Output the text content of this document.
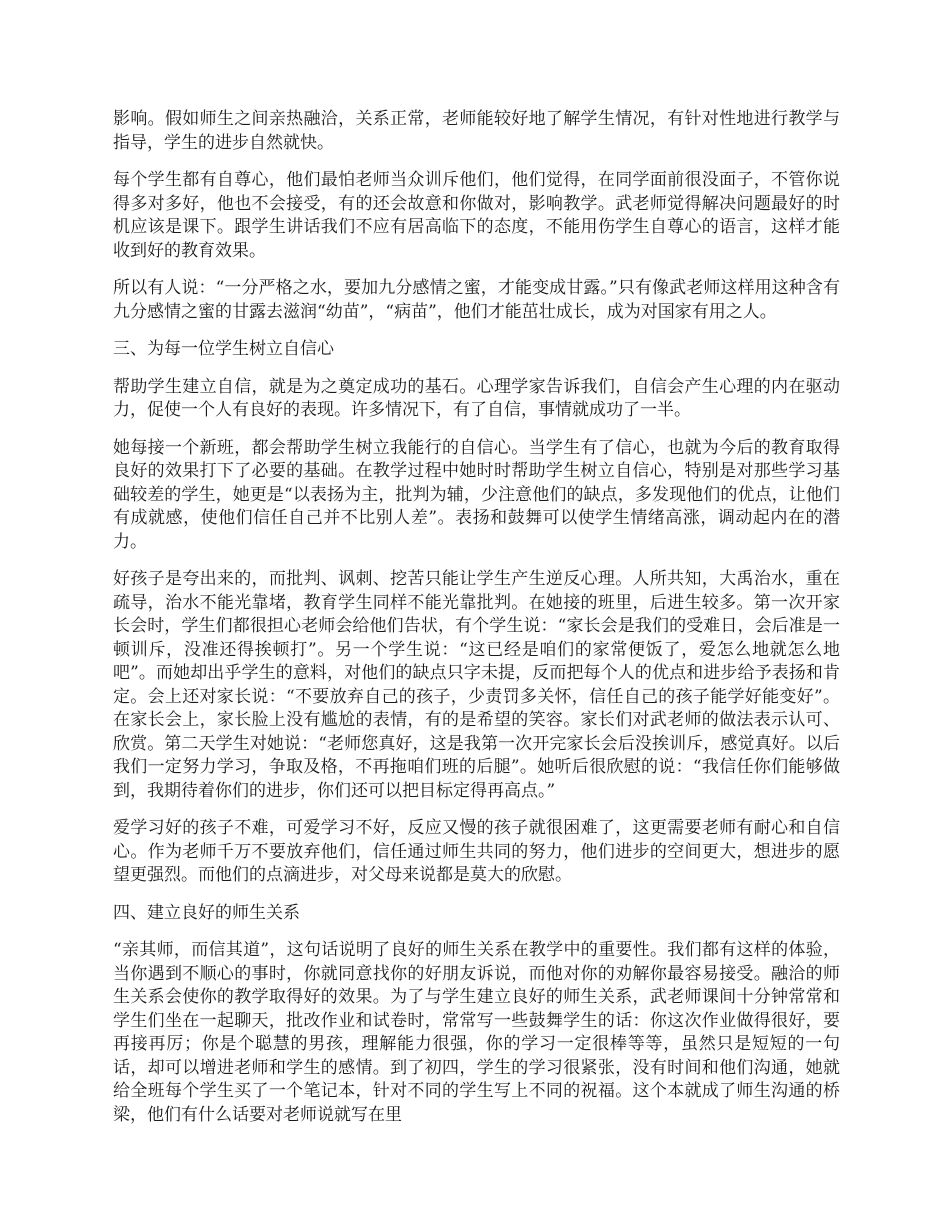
影响。假如师生之间亲热融洽，关系正常，老师能较好地了解学生情况，有针对性地进行教学与指导，学生的进步自然就快。

每个学生都有自尊心，他们最怕老师当众训斥他们，他们觉得，在同学面前很没面子，不管你说得多对多好，他也不会接受，有的还会故意和你做对，影响教学。武老师觉得解决问题最好的时机应该是课下。跟学生讲话我们不应有居高临下的态度，不能用伤学生自尊心的语言，这样才能收到好的教育效果。

所以有人说：“一分严格之水，要加九分感情之蜜，才能变成甘露。”只有像武老师这样用这种含有九分感情之蜜的甘露去滋润“幼苗”，“病苗”，他们才能茁壮成长，成为对国家有用之人。

三、为每一位学生树立自信心

帮助学生建立自信，就是为之奠定成功的基石。心理学家告诉我们，自信会产生心理的内在驱动力，促使一个人有良好的表现。许多情况下，有了自信，事情就成功了一半。

她每接一个新班，都会帮助学生树立我能行的自信心。当学生有了信心，也就为今后的教育取得良好的效果打下了必要的基础。在教学过程中她时时帮助学生树立自信心，特别是对那些学习基础较差的学生，她更是“以表扬为主，批判为辅，少注意他们的缺点，多发现他们的优点，让他们有成就感，使他们信任自己并不比别人差”。表扬和鼓舞可以使学生情绪高涨，调动起内在的潜力。

好孩子是夸出来的，而批判、讽刺、挖苦只能让学生产生逆反心理。人所共知，大禹治水，重在疏导，治水不能光靠堵，教育学生同样不能光靠批判。在她接的班里，后进生较多。第一次开家长会时，学生们都很担心老师会给他们告状，有个学生说：“家长会是我们的受难日，会后准是一顿训斥，没准还得挨顿打”。另一个学生说：“这已经是咱们的家常便饭了，爱怎么地就怎么地吧”。而她却出乎学生的意料，对他们的缺点只字未提，反而把每个人的优点和进步给予表扬和肯定。会上还对家长说：“不要放弃自己的孩子，少责罚多关怀，信任自己的孩子能学好能变好”。在家长会上，家长脸上没有尴尬的表情，有的是希望的笑容。家长们对武老师的做法表示认可、欣赏。第二天学生对她说：“老师您真好，这是我第一次开完家长会后没挨训斥，感觉真好。以后我们一定努力学习，争取及格，不再拖咱们班的后腿”。她听后很欣慰的说：“我信任你们能够做到，我期待着你们的进步，你们还可以把目标定得再高点。”

爱学习好的孩子不难，可爱学习不好，反应又慢的孩子就很困难了，这更需要老师有耐心和自信心。作为老师千万不要放弃他们，信任通过师生共同的努力，他们进步的空间更大，想进步的愿望更强烈。而他们的点滴进步，对父母来说都是莫大的欣慰。

四、建立良好的师生关系

“亲其师，而信其道”，这句话说明了良好的师生关系在教学中的重要性。我们都有这样的体验，当你遇到不顺心的事时，你就同意找你的好朋友诉说，而他对你的劝解你最容易接受。融洽的师生关系会使你的教学取得好的效果。为了与学生建立良好的师生关系，武老师课间十分钟常常和学生们坐在一起聊天，批改作业和试卷时，常常写一些鼓舞学生的话：你这次作业做得很好，要再接再厉；你是个聪慧的男孩，理解能力很强，你的学习一定很棒等等，虽然只是短短的一句话，却可以增进老师和学生的感情。到了初四，学生的学习很紧张，没有时间和他们沟通，她就给全班每个学生买了一个笔记本，针对不同的学生写上不同的祝福。这个本就成了师生沟通的桥梁，他们有什么话要对老师说就写在里
